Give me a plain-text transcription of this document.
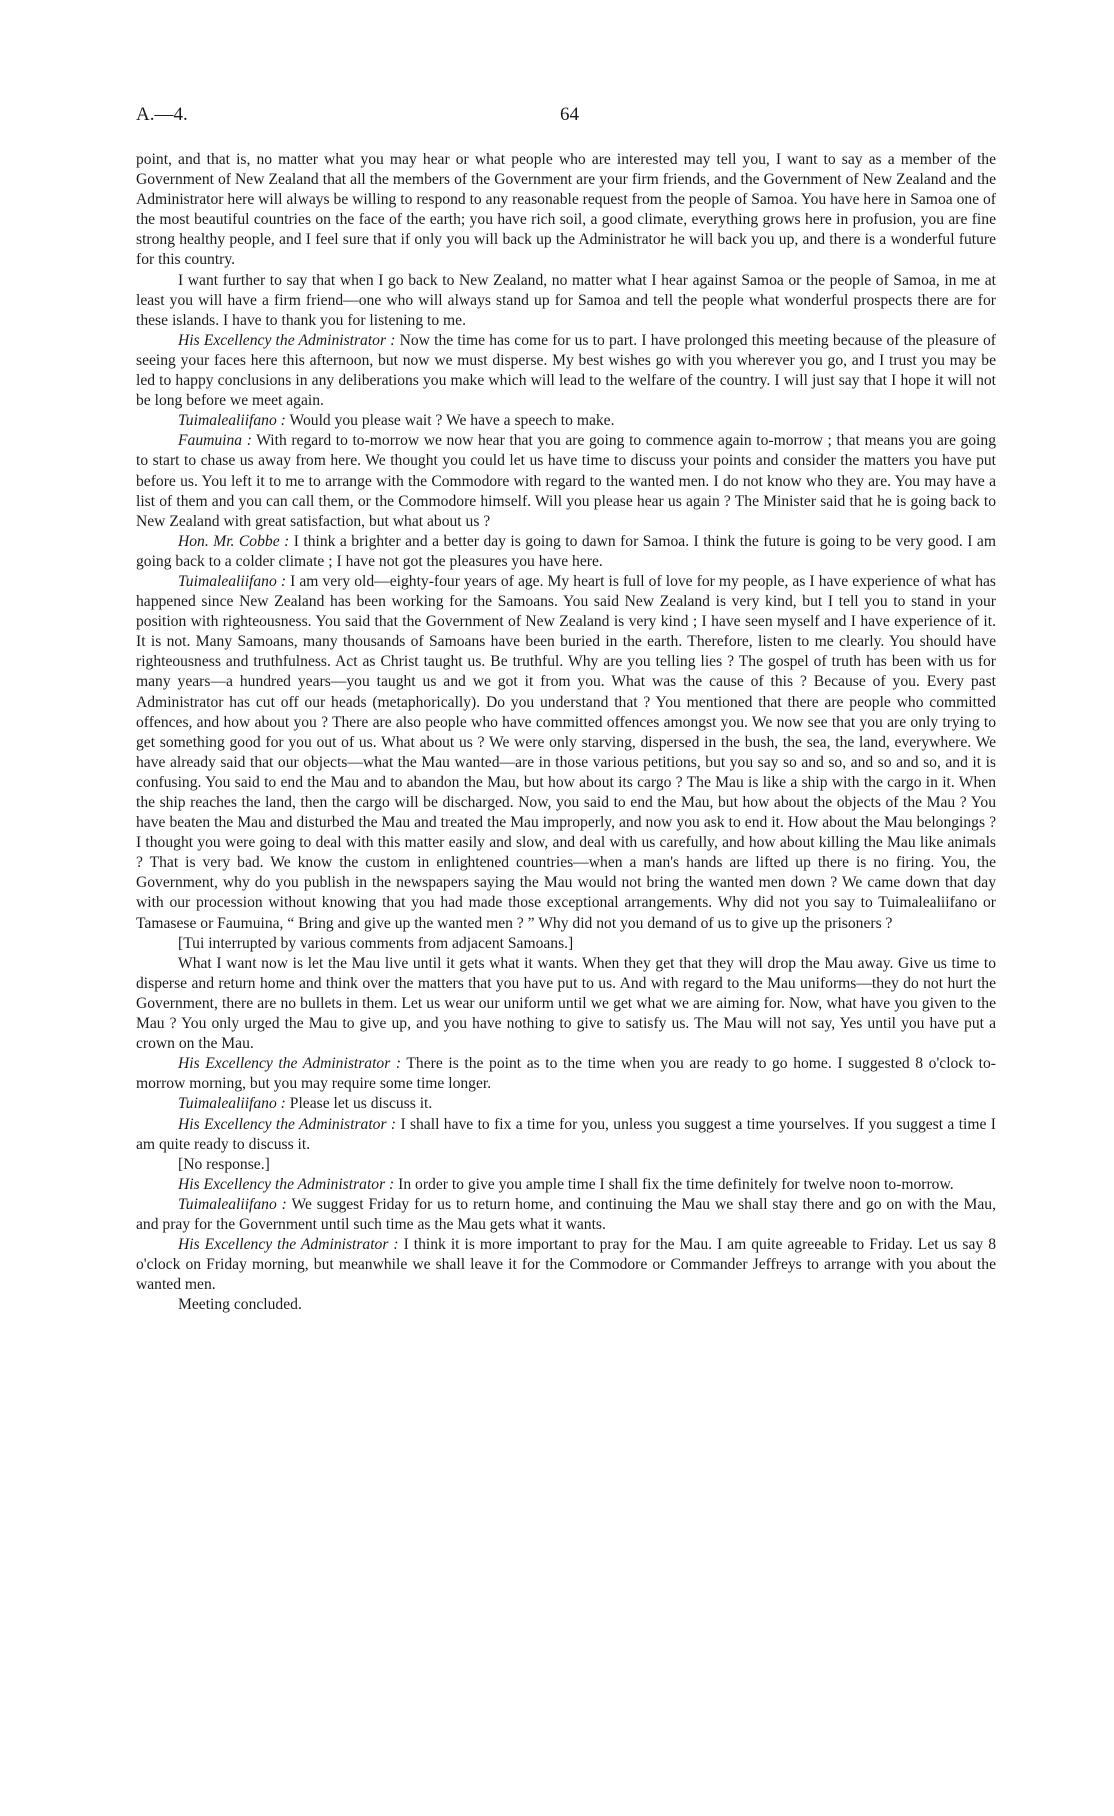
A.—4.	64

point, and that is, no matter what you may hear or what people who are interested may tell you, I want to say as a member of the Government of New Zealand that all the members of the Government are your firm friends, and the Government of New Zealand and the Administrator here will always be willing to respond to any reasonable request from the people of Samoa. You have here in Samoa one of the most beautiful countries on the face of the earth; you have rich soil, a good climate, everything grows here in profusion, you are fine strong healthy people, and I feel sure that if only you will back up the Administrator he will back you up, and there is a wonderful future for this country.

I want further to say that when I go back to New Zealand, no matter what I hear against Samoa or the people of Samoa, in me at least you will have a firm friend—one who will always stand up for Samoa and tell the people what wonderful prospects there are for these islands. I have to thank you for listening to me.

His Excellency the Administrator : Now the time has come for us to part. I have prolonged this meeting because of the pleasure of seeing your faces here this afternoon, but now we must disperse. My best wishes go with you wherever you go, and I trust you may be led to happy conclusions in any deliberations you make which will lead to the welfare of the country. I will just say that I hope it will not be long before we meet again.

Tuimalealiifano : Would you please wait ? We have a speech to make.

Faumuina : With regard to to-morrow we now hear that you are going to commence again to-morrow ; that means you are going to start to chase us away from here. We thought you could let us have time to discuss your points and consider the matters you have put before us. You left it to me to arrange with the Commodore with regard to the wanted men. I do not know who they are. You may have a list of them and you can call them, or the Commodore himself. Will you please hear us again ? The Minister said that he is going back to New Zealand with great satisfaction, but what about us ?

Hon. Mr. Cobbe : I think a brighter and a better day is going to dawn for Samoa. I think the future is going to be very good. I am going back to a colder climate ; I have not got the pleasures you have here.

Tuimalealiifano : I am very old—eighty-four years of age. My heart is full of love for my people, as I have experience of what has happened since New Zealand has been working for the Samoans. You said New Zealand is very kind, but I tell you to stand in your position with righteousness. You said that the Government of New Zealand is very kind ; I have seen myself and I have experience of it. It is not. Many Samoans, many thousands of Samoans have been buried in the earth. Therefore, listen to me clearly. You should have righteousness and truthfulness. Act as Christ taught us. Be truthful. Why are you telling lies ? The gospel of truth has been with us for many years—a hundred years—you taught us and we got it from you. What was the cause of this ? Because of you. Every past Administrator has cut off our heads (metaphorically). Do you understand that ? You mentioned that there are people who committed offences, and how about you ? There are also people who have committed offences amongst you. We now see that you are only trying to get something good for you out of us. What about us ? We were only starving, dispersed in the bush, the sea, the land, everywhere. We have already said that our objects—what the Mau wanted—are in those various petitions, but you say so and so, and so and so, and it is confusing. You said to end the Mau and to abandon the Mau, but how about its cargo ? The Mau is like a ship with the cargo in it. When the ship reaches the land, then the cargo will be discharged. Now, you said to end the Mau, but how about the objects of the Mau ? You have beaten the Mau and disturbed the Mau and treated the Mau improperly, and now you ask to end it. How about the Mau belongings ? I thought you were going to deal with this matter easily and slow, and deal with us carefully, and how about killing the Mau like animals ? That is very bad. We know the custom in enlightened countries—when a man's hands are lifted up there is no firing. You, the Government, why do you publish in the newspapers saying the Mau would not bring the wanted men down ? We came down that day with our procession without knowing that you had made those exceptional arrangements. Why did not you say to Tuimalealiifano or Tamasese or Faumuina, “ Bring and give up the wanted men ? ” Why did not you demand of us to give up the prisoners ?

[Tui interrupted by various comments from adjacent Samoans.]

What I want now is let the Mau live until it gets what it wants. When they get that they will drop the Mau away. Give us time to disperse and return home and think over the matters that you have put to us. And with regard to the Mau uniforms—they do not hurt the Government, there are no bullets in them. Let us wear our uniform until we get what we are aiming for. Now, what have you given to the Mau ? You only urged the Mau to give up, and you have nothing to give to satisfy us. The Mau will not say, Yes until you have put a crown on the Mau.

His Excellency the Administrator : There is the point as to the time when you are ready to go home. I suggested 8 o'clock to-morrow morning, but you may require some time longer.

Tuimalealiifano : Please let us discuss it.

His Excellency the Administrator : I shall have to fix a time for you, unless you suggest a time yourselves. If you suggest a time I am quite ready to discuss it.

[No response.]

His Excellency the Administrator : In order to give you ample time I shall fix the time definitely for twelve noon to-morrow.

Tuimalealiifano : We suggest Friday for us to return home, and continuing the Mau we shall stay there and go on with the Mau, and pray for the Government until such time as the Mau gets what it wants.

His Excellency the Administrator : I think it is more important to pray for the Mau. I am quite agreeable to Friday. Let us say 8 o'clock on Friday morning, but meanwhile we shall leave it for the Commodore or Commander Jeffreys to arrange with you about the wanted men.

Meeting concluded.
